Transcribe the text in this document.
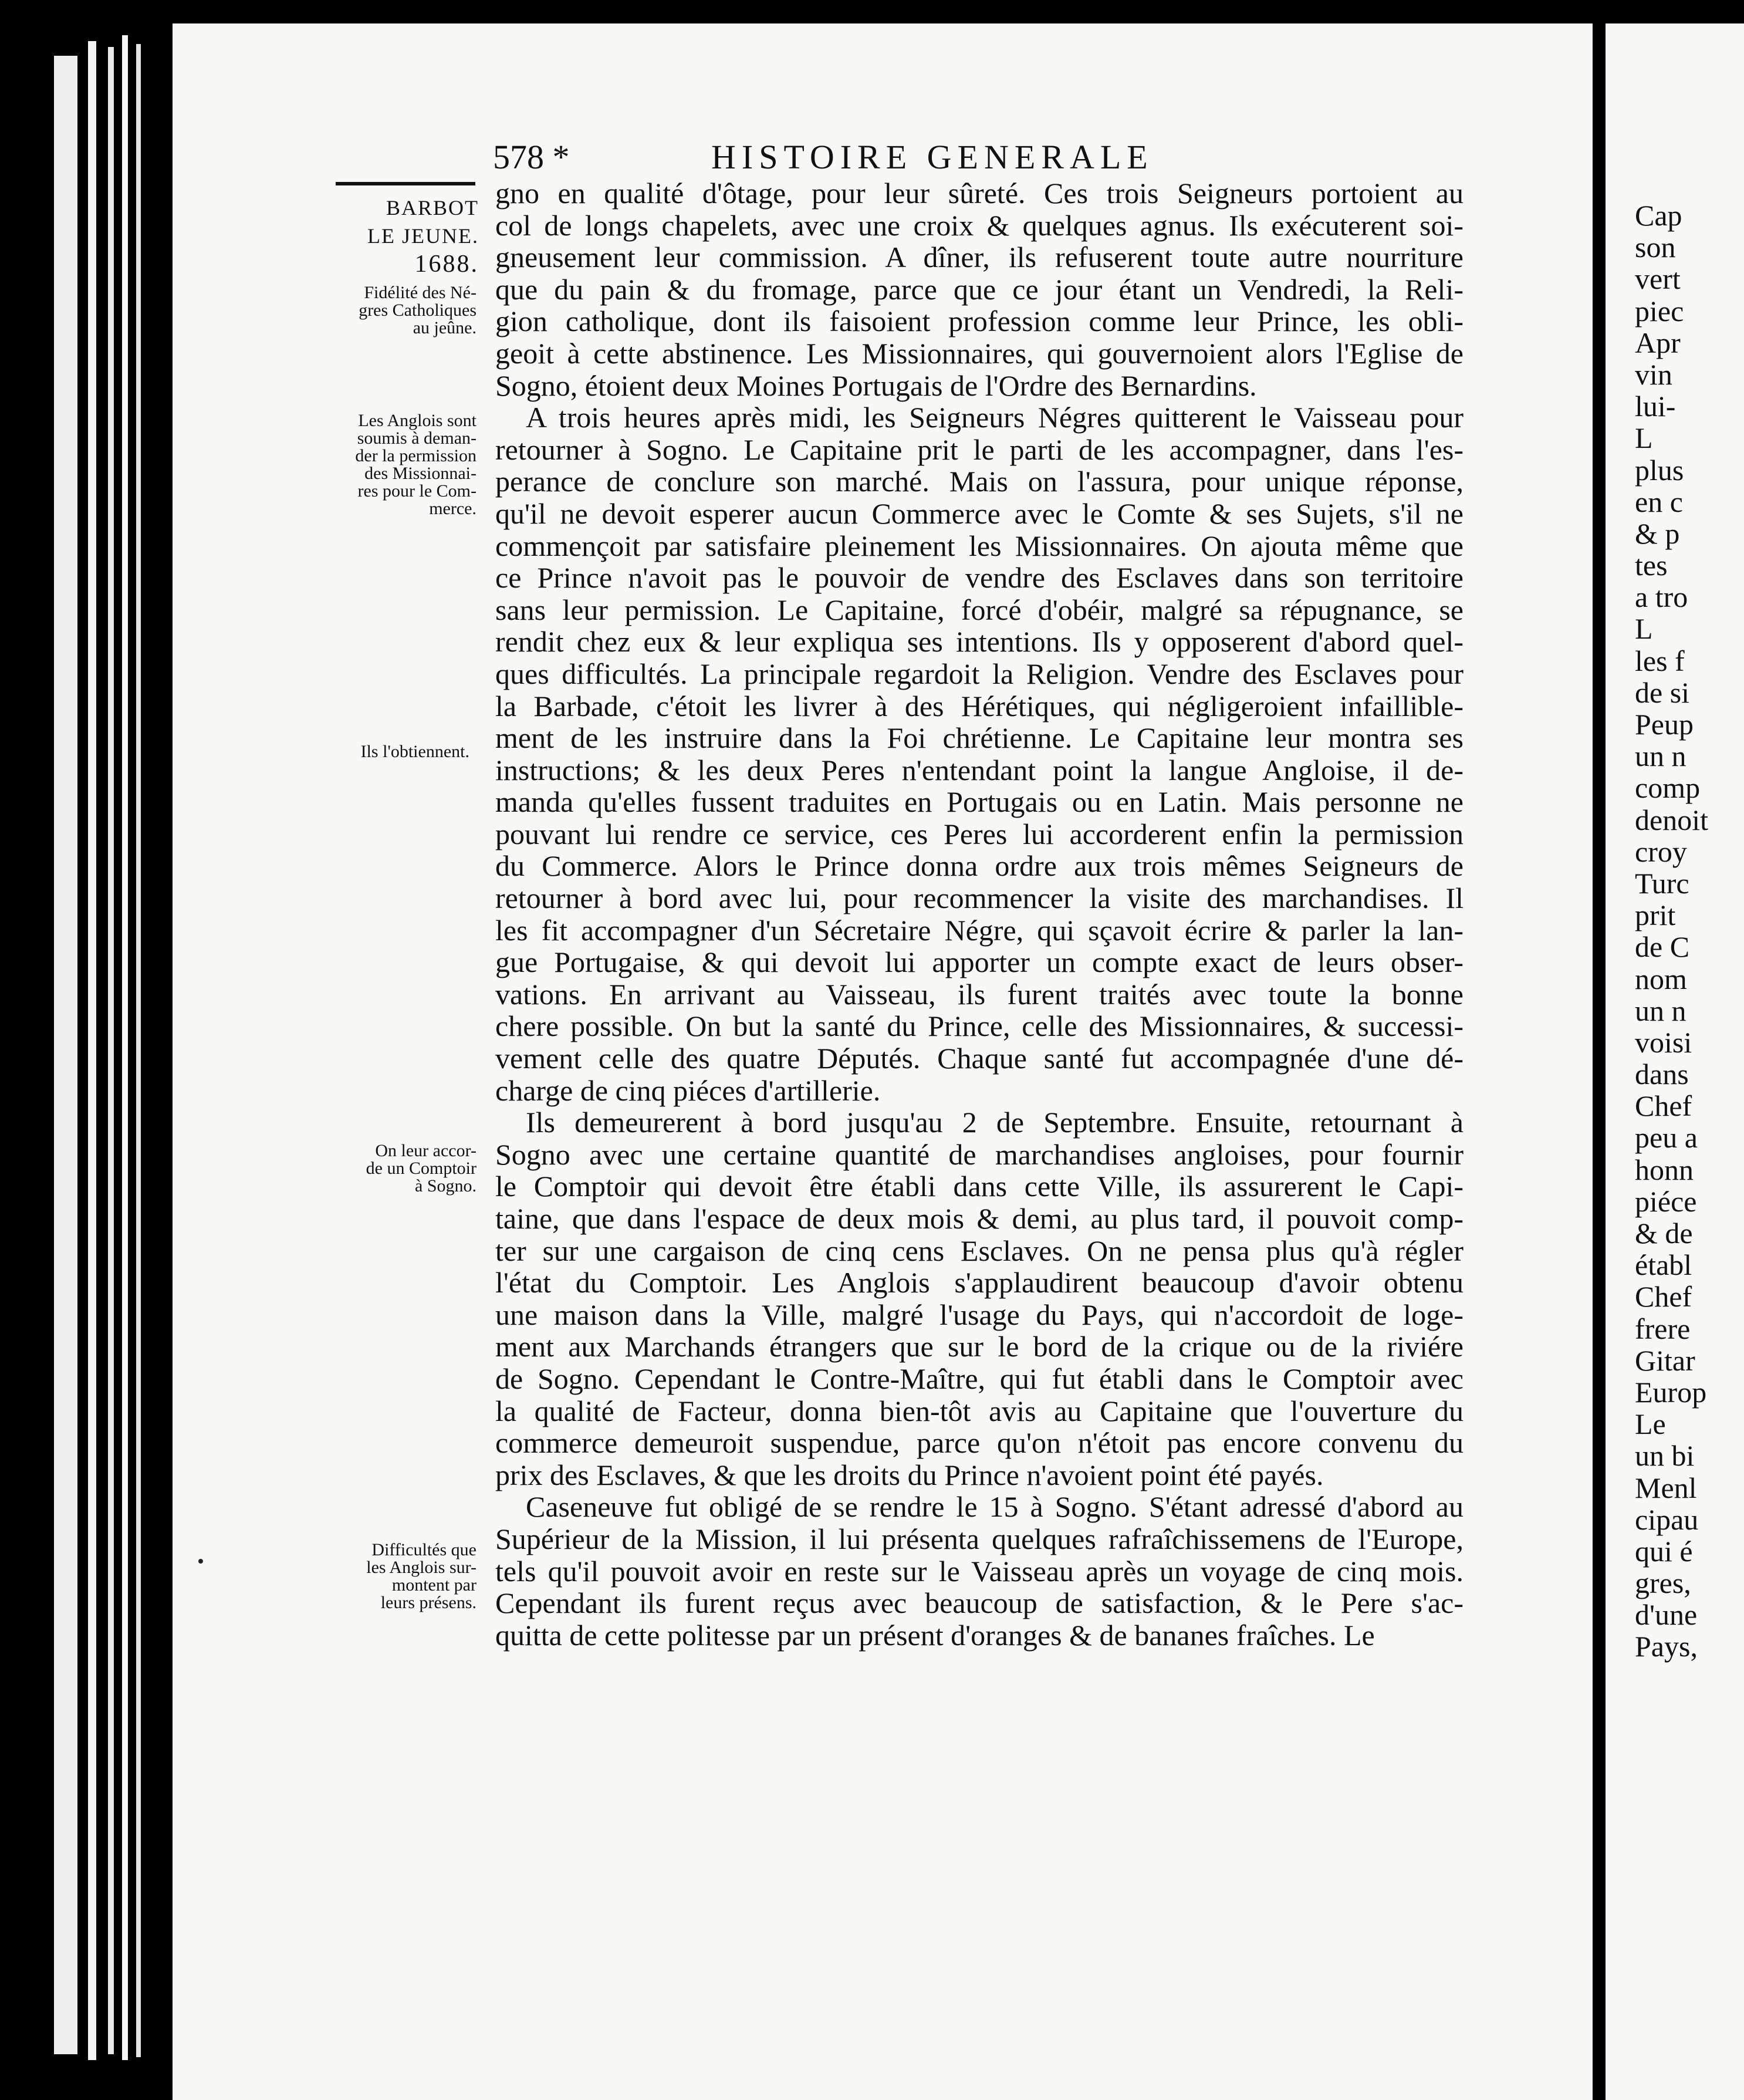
578 *	HISTOIRE GENERALE
BARBOT
LE JEUNE.
1688.
Fidélité des Né-
gres Catholiques
au jeûne.
Les Anglois sont
soumis à deman-
der la permission
des Missionnai-
res pour le Com-
merce.
Ils l'obtiennent.
On leur accor-
de un Comptoir
à Sogno.
Difficultés que
les Anglois sur-
montent par
leurs présens.
gno en qualité d'ôtage, pour leur sûreté. Ces trois Seigneurs portoient au
col de longs chapelets, avec une croix & quelques agnus. Ils exécuterent soi-
gneusement leur commission. A dîner, ils refuserent toute autre nourriture
que du pain & du fromage, parce que ce jour étant un Vendredi, la Reli-
gion catholique, dont ils faisoient profession comme leur Prince, les obli-
geoit à cette abstinence. Les Missionnaires, qui gouvernoient alors l'Eglise de
Sogno, étoient deux Moines Portugais de l'Ordre des Bernardins.
A trois heures après midi, les Seigneurs Négres quitterent le Vaisseau pour
retourner à Sogno. Le Capitaine prit le parti de les accompagner, dans l'es-
perance de conclure son marché. Mais on l'assura, pour unique réponse,
qu'il ne devoit esperer aucun Commerce avec le Comte & ses Sujets, s'il ne
commençoit par satisfaire pleinement les Missionnaires. On ajouta même que
ce Prince n'avoit pas le pouvoir de vendre des Esclaves dans son territoire
sans leur permission. Le Capitaine, forcé d'obéir, malgré sa répugnance, se
rendit chez eux & leur expliqua ses intentions. Ils y opposerent d'abord quel-
ques difficultés. La principale regardoit la Religion. Vendre des Esclaves pour
la Barbade, c'étoit les livrer à des Hérétiques, qui négligeroient infaillible-
ment de les instruire dans la Foi chrétienne. Le Capitaine leur montra ses
instructions; & les deux Peres n'entendant point la langue Angloise, il de-
manda qu'elles fussent traduites en Portugais ou en Latin. Mais personne ne
pouvant lui rendre ce service, ces Peres lui accorderent enfin la permission
du Commerce. Alors le Prince donna ordre aux trois mêmes Seigneurs de
retourner à bord avec lui, pour recommencer la visite des marchandises. Il
les fit accompagner d'un Sécretaire Négre, qui sçavoit écrire & parler la lan-
gue Portugaise, & qui devoit lui apporter un compte exact de leurs obser-
vations. En arrivant au Vaisseau, ils furent traités avec toute la bonne
chere possible. On but la santé du Prince, celle des Missionnaires, & successi-
vement celle des quatre Députés. Chaque santé fut accompagnée d'une dé-
charge de cinq piéces d'artillerie.
Ils demeurerent à bord jusqu'au 2 de Septembre. Ensuite, retournant à
Sogno avec une certaine quantité de marchandises angloises, pour fournir
le Comptoir qui devoit être établi dans cette Ville, ils assurerent le Capi-
taine, que dans l'espace de deux mois & demi, au plus tard, il pouvoit comp-
ter sur une cargaison de cinq cens Esclaves. On ne pensa plus qu'à régler
l'état du Comptoir. Les Anglois s'applaudirent beaucoup d'avoir obtenu
une maison dans la Ville, malgré l'usage du Pays, qui n'accordoit de loge-
ment aux Marchands étrangers que sur le bord de la crique ou de la riviére
de Sogno. Cependant le Contre-Maître, qui fut établi dans le Comptoir avec
la qualité de Facteur, donna bien-tôt avis au Capitaine que l'ouverture du
commerce demeuroit suspendue, parce qu'on n'étoit pas encore convenu du
prix des Esclaves, & que les droits du Prince n'avoient point été payés.
Caseneuve fut obligé de se rendre le 15 à Sogno. S'étant adressé d'abord au
Supérieur de la Mission, il lui présenta quelques rafraîchissemens de l'Europe,
tels qu'il pouvoit avoir en reste sur le Vaisseau après un voyage de cinq mois.
Cependant ils furent reçus avec beaucoup de satisfaction, & le Pere s'ac-
quitta de cette politesse par un présent d'oranges & de bananes fraîches. Le
Cap
son
vert
piec
Apr
vin
lui-
L
plus
en c
& p
tes
a tro
L
les f
de si
Peup
un n
comp
denoit
croy
Turc
prit
de C
nom
un n
voisi
dans
Chef
peu a
honn
piéce
& de
établ
Chef
frere
Gitar
Europ
Le
un bi
Menl
cipau
qui é
gres,
d'une
Pays,
